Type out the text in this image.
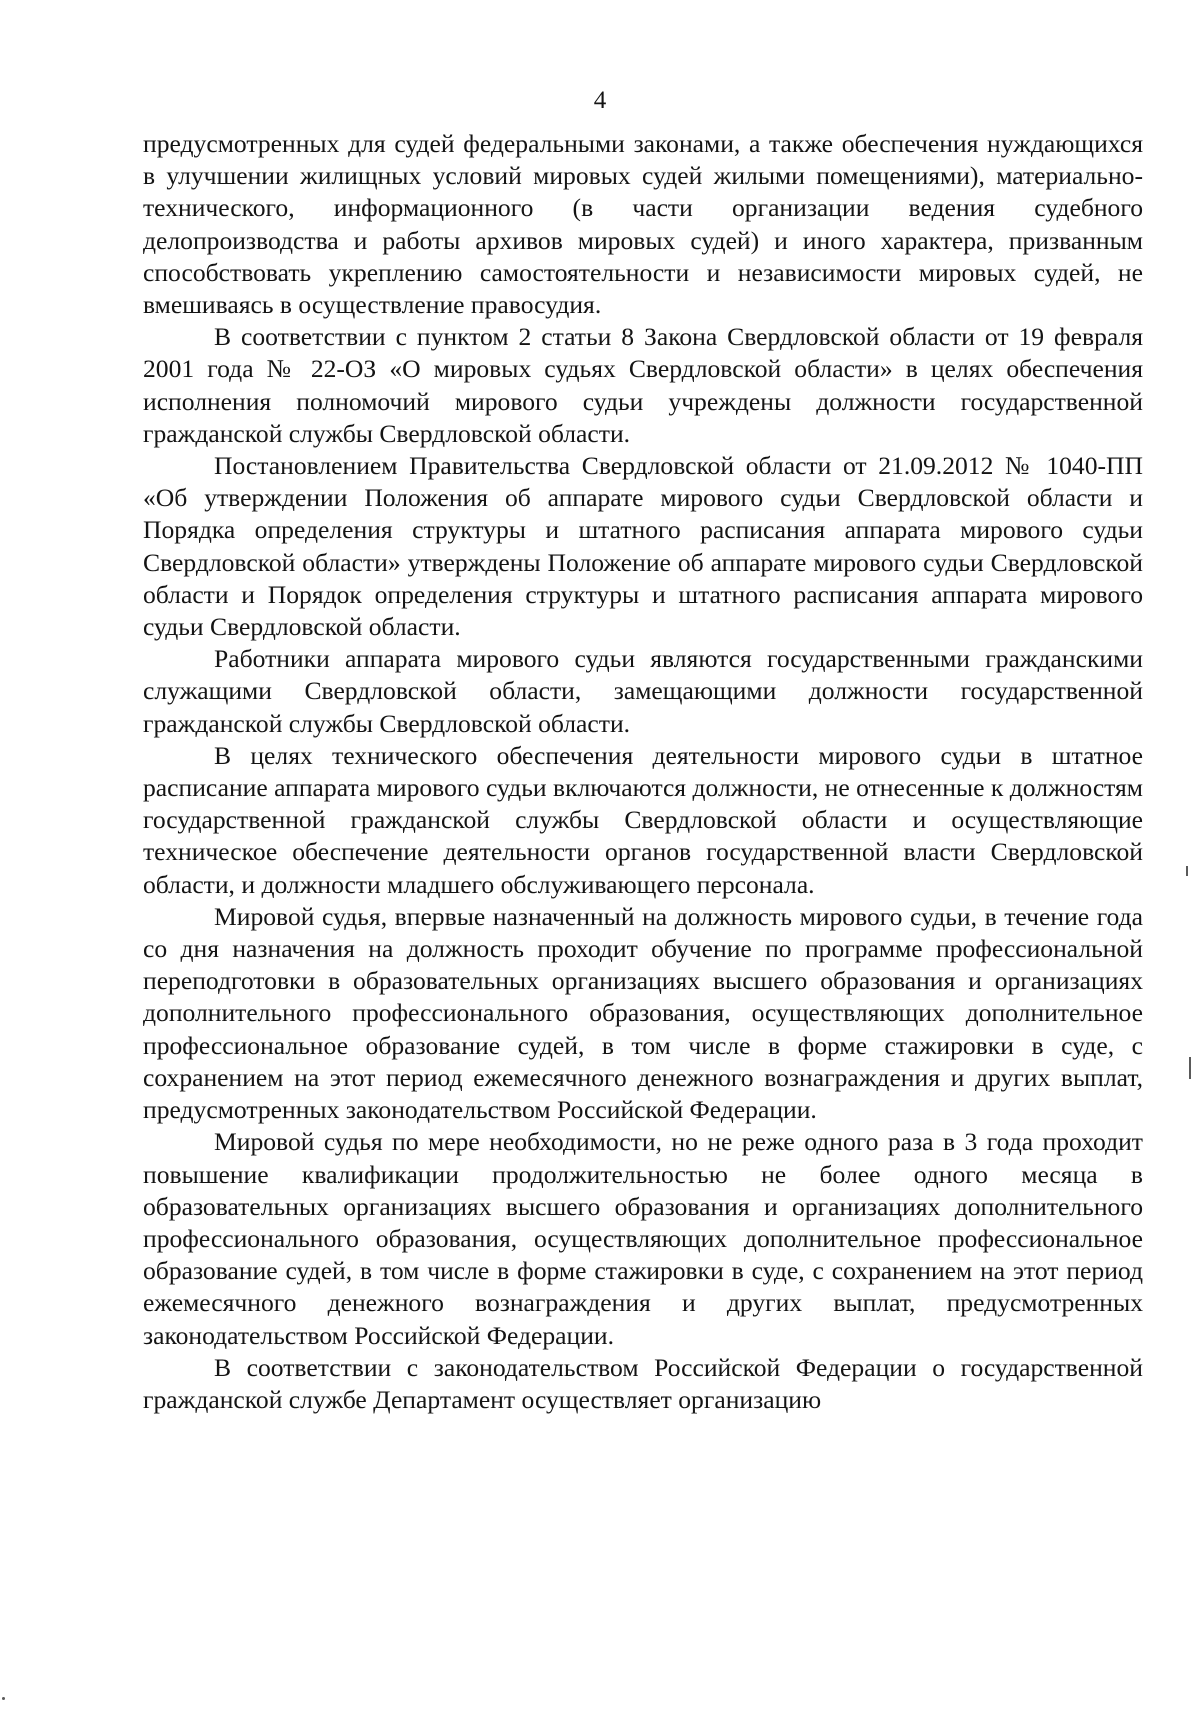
4

предусмотренных для судей федеральными законами, а также обеспечения нуждающихся в улучшении жилищных условий мировых судей жилыми помещениями), материально-технического, информационного (в части организации ведения судебного делопроизводства и работы архивов мировых судей) и иного характера, призванным способствовать укреплению самостоятельности и независимости мировых судей, не вмешиваясь в осуществление правосудия.

В соответствии с пунктом 2 статьи 8 Закона Свердловской области от 19 февраля 2001 года № 22-ОЗ «О мировых судьях Свердловской области» в целях обеспечения исполнения полномочий мирового судьи учреждены должности государственной гражданской службы Свердловской области.

Постановлением Правительства Свердловской области от 21.09.2012 № 1040-ПП «Об утверждении Положения об аппарате мирового судьи Свердловской области и Порядка определения структуры и штатного расписания аппарата мирового судьи Свердловской области» утверждены Положение об аппарате мирового судьи Свердловской области и Порядок определения структуры и штатного расписания аппарата мирового судьи Свердловской области.

Работники аппарата мирового судьи являются государственными гражданскими служащими Свердловской области, замещающими должности государственной гражданской службы Свердловской области.

В целях технического обеспечения деятельности мирового судьи в штатное расписание аппарата мирового судьи включаются должности, не отнесенные к должностям государственной гражданской службы Свердловской области и осуществляющие техническое обеспечение деятельности органов государственной власти Свердловской области, и должности младшего обслуживающего персонала.

Мировой судья, впервые назначенный на должность мирового судьи, в течение года со дня назначения на должность проходит обучение по программе профессиональной переподготовки в образовательных организациях высшего образования и организациях дополнительного профессионального образования, осуществляющих дополнительное профессиональное образование судей, в том числе в форме стажировки в суде, с сохранением на этот период ежемесячного денежного вознаграждения и других выплат, предусмотренных законодательством Российской Федерации.

Мировой судья по мере необходимости, но не реже одного раза в 3 года проходит повышение квалификации продолжительностью не более одного месяца в образовательных организациях высшего образования и организациях дополнительного профессионального образования, осуществляющих дополнительное профессиональное образование судей, в том числе в форме стажировки в суде, с сохранением на этот период ежемесячного денежного вознаграждения и других выплат, предусмотренных законодательством Российской Федерации.

В соответствии с законодательством Российской Федерации о государственной гражданской службе Департамент осуществляет организацию
